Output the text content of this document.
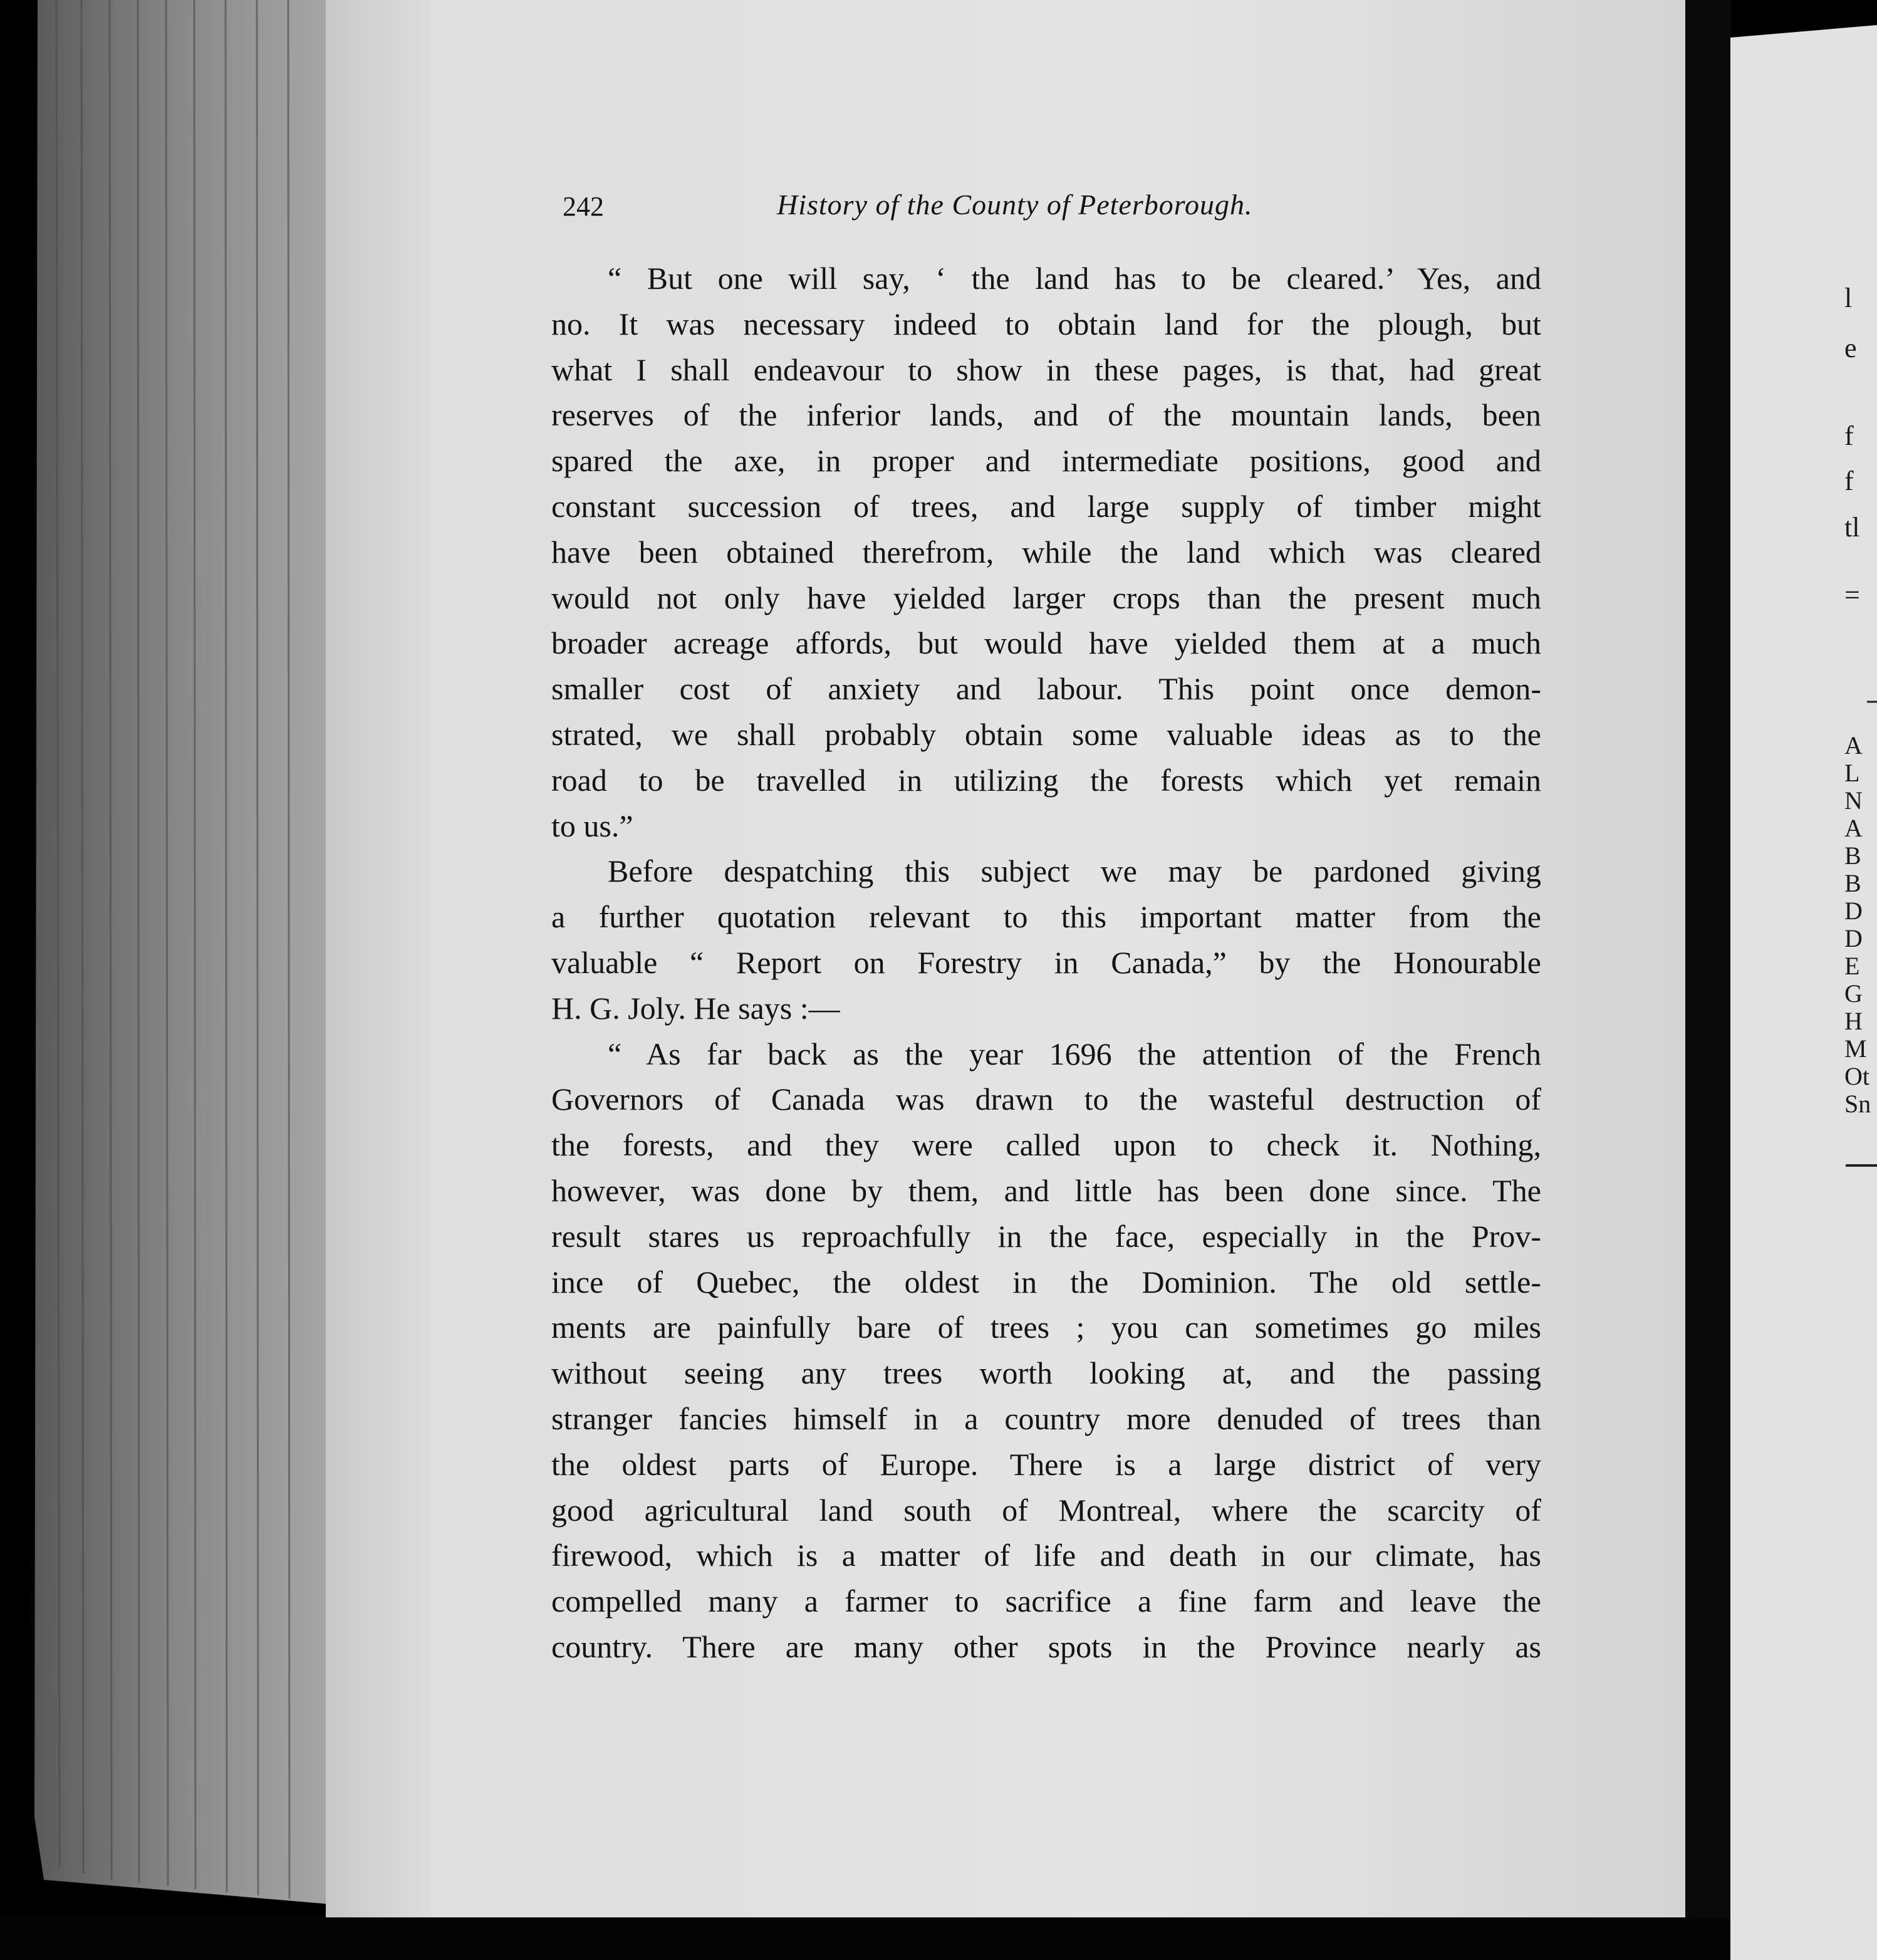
242	History of the County of Peterborough.
“ But one will say, ‘ the land has to be cleared.’ Yes, and
no. It was necessary indeed to obtain land for the plough, but
what I shall endeavour to show in these pages, is that, had great
reserves of the inferior lands, and of the mountain lands, been
spared the axe, in proper and intermediate positions, good and
constant succession of trees, and large supply of timber might
have been obtained therefrom, while the land which was cleared
would not only have yielded larger crops than the present much
broader acreage affords, but would have yielded them at a much
smaller cost of anxiety and labour. This point once demon-
strated, we shall probably obtain some valuable ideas as to the
road to be travelled in utilizing the forests which yet remain
to us.”
Before despatching this subject we may be pardoned giving
a further quotation relevant to this important matter from the
valuable “ Report on Forestry in Canada,” by the Honourable
H. G. Joly. He says :—
“ As far back as the year 1696 the attention of the French
Governors of Canada was drawn to the wasteful destruction of
the forests, and they were called upon to check it. Nothing,
however, was done by them, and little has been done since. The
result stares us reproachfully in the face, especially in the Prov-
ince of Quebec, the oldest in the Dominion. The old settle-
ments are painfully bare of trees ; you can sometimes go miles
without seeing any trees worth looking at, and the passing
stranger fancies himself in a country more denuded of trees than
the oldest parts of Europe. There is a large district of very
good agricultural land south of Montreal, where the scarcity of
firewood, which is a matter of life and death in our climate, has
compelled many a farmer to sacrifice a fine farm and leave the
country. There are many other spots in the Province nearly as
l
e
f
f
tl
=
A
L
N
A
B
B
D
D
E
G
H
M
Ot
Sn
